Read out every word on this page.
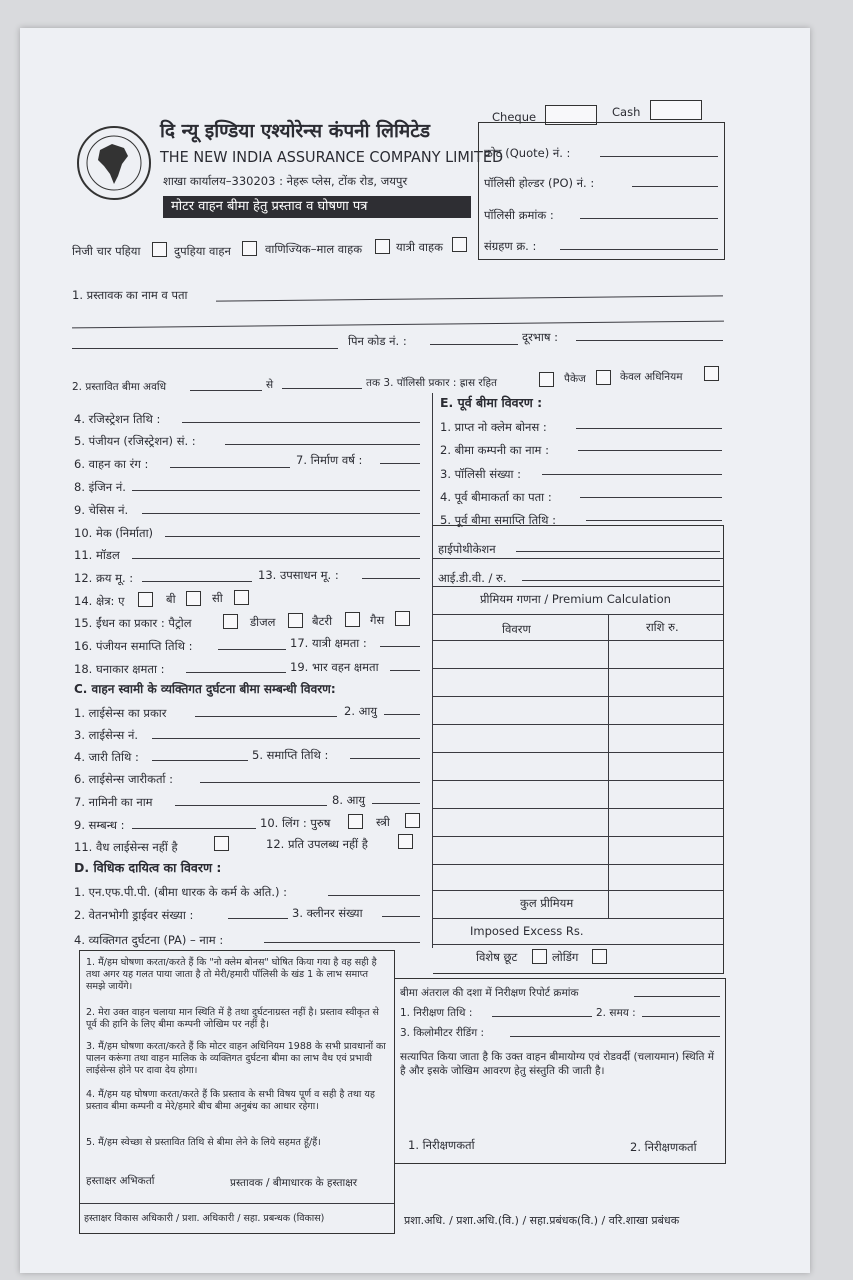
दि न्यू इण्डिया एश्योरेन्स कंपनी लिमिटेड
THE NEW INDIA ASSURANCE COMPANY LIMITED
शाखा कार्यालय–330203 : नेहरू प्लेस, टोंक रोड, जयपुर
मोटर वाहन बीमा हेतु प्रस्ताव व घोषणा पत्र
Cheque	Cash
कोट (Quote) नं. :
पॉलिसी होल्डर (PO) नं. :
पॉलिसी क्रमांक :
संग्रहण क्र. :
निजी चार पहिया	दुपहिया वाहन	वाणिज्यिक–माल वाहक	यात्री वाहक
1. प्रस्तावक का नाम व पता
पिन कोड नं. :	दूरभाष :
2. प्रस्तावित बीमा अवधि	से	तक 3. पॉलिसी प्रकार : ह्रास रहित	पैकेज	केवल अधिनियम
4. रजिस्ट्रेशन तिथि :
5. पंजीयन (रजिस्ट्रेशन) सं. :
6. वाहन का रंग :	7. निर्माण वर्ष :
8. इंजिन नं.
9. चेसिस नं.
10. मेक (निर्माता)
11. मॉडल
12. क्रय मू. :	13. उपसाधन मू. :
14. क्षेत्र: ए	बी	सी
15. ईंधन का प्रकार : पैट्रोल	डीजल	बैटरी	गैस
16. पंजीयन समाप्ति तिथि :	17. यात्री क्षमता :
18. घनाकार क्षमता :	19. भार वहन क्षमता
C. वाहन स्वामी के व्यक्तिगत दुर्घटना बीमा सम्बन्धी विवरण:
1. लाईसेन्स का प्रकार	2. आयु
3. लाईसेन्स नं.
4. जारी तिथि :	5. समाप्ति तिथि :
6. लाईसेन्स जारीकर्ता :
7. नामिनी का नाम	8. आयु
9. सम्बन्ध :	10. लिंग : पुरुष	स्त्री
11. वैध लाईसेन्स नहीं है	12. प्रति उपलब्ध नहीं है
D. विधिक दायित्व का विवरण :
1. एन.एफ.पी.पी. (बीमा धारक के कर्म के अति.) :
2. वेतनभोगी ड्राईवर संख्या :	3. क्लीनर संख्या
4. व्यक्तिगत दुर्घटना (PA) – नाम :
E. पूर्व बीमा विवरण :
1. प्राप्त नो क्लेम बोनस :
2. बीमा कम्पनी का नाम :
3. पॉलिसी संख्या :
4. पूर्व बीमाकर्ता का पता :
5. पूर्व बीमा समाप्ति तिथि :
हाईपोथीकेशन
आई.डी.वी. / रु.
प्रीमियम गणना / Premium Calculation
विवरण	राशि रु.
कुल प्रीमियम
Imposed Excess Rs.
विशेष छूट	लोडिंग
1. मैं/हम घोषणा करता/करते हैं कि "नो क्लेम बोनस" घोषित किया गया है वह सही है तथा अगर यह गलत पाया जाता है तो मेरी/हमारी पॉलिसी के खंड 1 के लाभ समाप्त समझे जायेंगे।
2. मेरा उक्त वाहन चलाया मान स्थिति में है तथा दुर्घटनाग्रस्त नहीं है। प्रस्ताव स्वीकृत से पूर्व की हानि के लिए बीमा कम्पनी जोखिम पर नहीं है।
3. मैं/हम घोषणा करता/करते हैं कि मोटर वाहन अधिनियम 1988 के सभी प्रावधानों का पालन करूंगा तथा वाहन मालिक के व्यक्तिगत दुर्घटना बीमा का लाभ वैध एवं प्रभावी लाईसेन्स होने पर दावा देय होगा।
4. मैं/हम यह घोषणा करता/करते हैं कि प्रस्ताव के सभी विषय पूर्ण व सही है तथा यह प्रस्ताव बीमा कम्पनी व मेरे/हमारे बीच बीमा अनुबंध का आधार रहेगा।
5. मैं/हम स्वेच्छा से प्रस्तावित तिथि से बीमा लेने के लिये सहमत हूँ/हैं।
हस्ताक्षर अभिकर्ता	प्रस्तावक / बीमाधारक के हस्ताक्षर
हस्ताक्षर विकास अधिकारी / प्रशा. अधिकारी / सहा. प्रबन्धक (विकास)
बीमा अंतराल की दशा में निरीक्षण रिपोर्ट क्रमांक
1. निरीक्षण तिथि :	2. समय :
3. किलोमीटर रीडिंग :
सत्यापित किया जाता है कि उक्त वाहन बीमायोग्य एवं रोडवर्दी (चलायमान) स्थिति में है और इसके जोखिम आवरण हेतु संस्तुति की जाती है।
1. निरीक्षणकर्ता	2. निरीक्षणकर्ता
प्रशा.अधि. / प्रशा.अधि.(वि.) / सहा.प्रबंधक(वि.) / वरि.शाखा प्रबंधक
